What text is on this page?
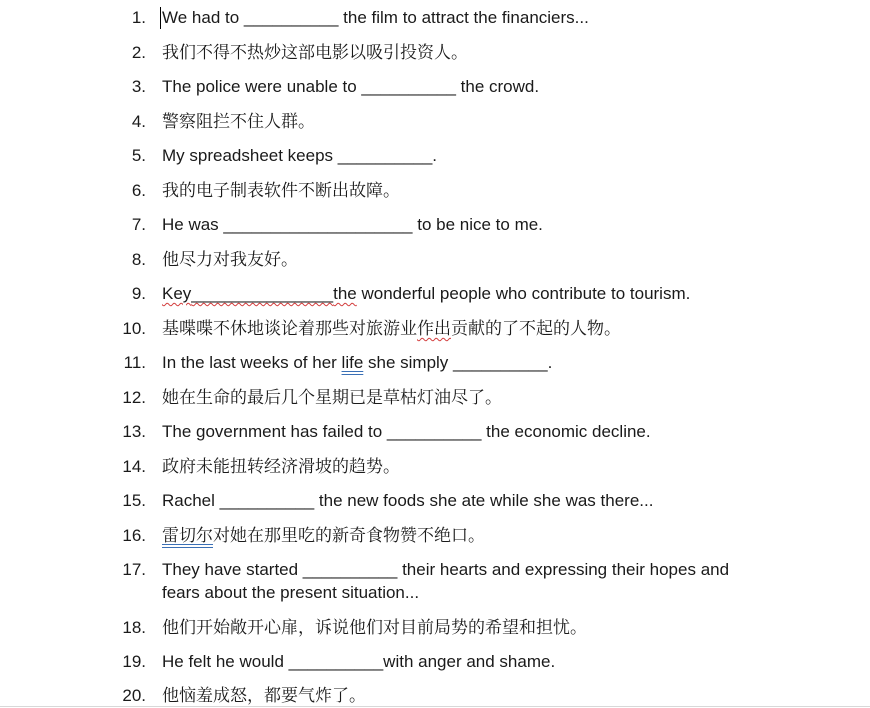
1. We had to __________ the film to attract the financiers...
2. 我们不得不热炒这部电影以吸引投资人。
3. The police were unable to __________ the crowd.
4. 警察阻拦不住人群。
5. My spreadsheet keeps __________.
6. 我的电子制表软件不断出故障。
7. He was ____________________ to be nice to me.
8. 他尽力对我友好。
9. Key_______________the wonderful people who contribute to tourism.
10. 基喋喋不休地谈论着那些对旅游业作出贡献的了不起的人物。
11. In the last weeks of her life she simply __________.
12. 她在生命的最后几个星期已是草枯灯油尽了。
13. The government has failed to __________ the economic decline.
14. 政府未能扭转经济滑坡的趋势。
15. Rachel __________ the new foods she ate while she was there...
16. 雷切尔对她在那里吃的新奇食物赞不绝口。
17. They have started __________ their hearts and expressing their hopes and fears about the present situation...
18. 他们开始敞开心扉，诉说他们对目前局势的希望和担忧。
19. He felt he would __________with anger and shame.
20. 他恼羞成怒，都要气炸了。
